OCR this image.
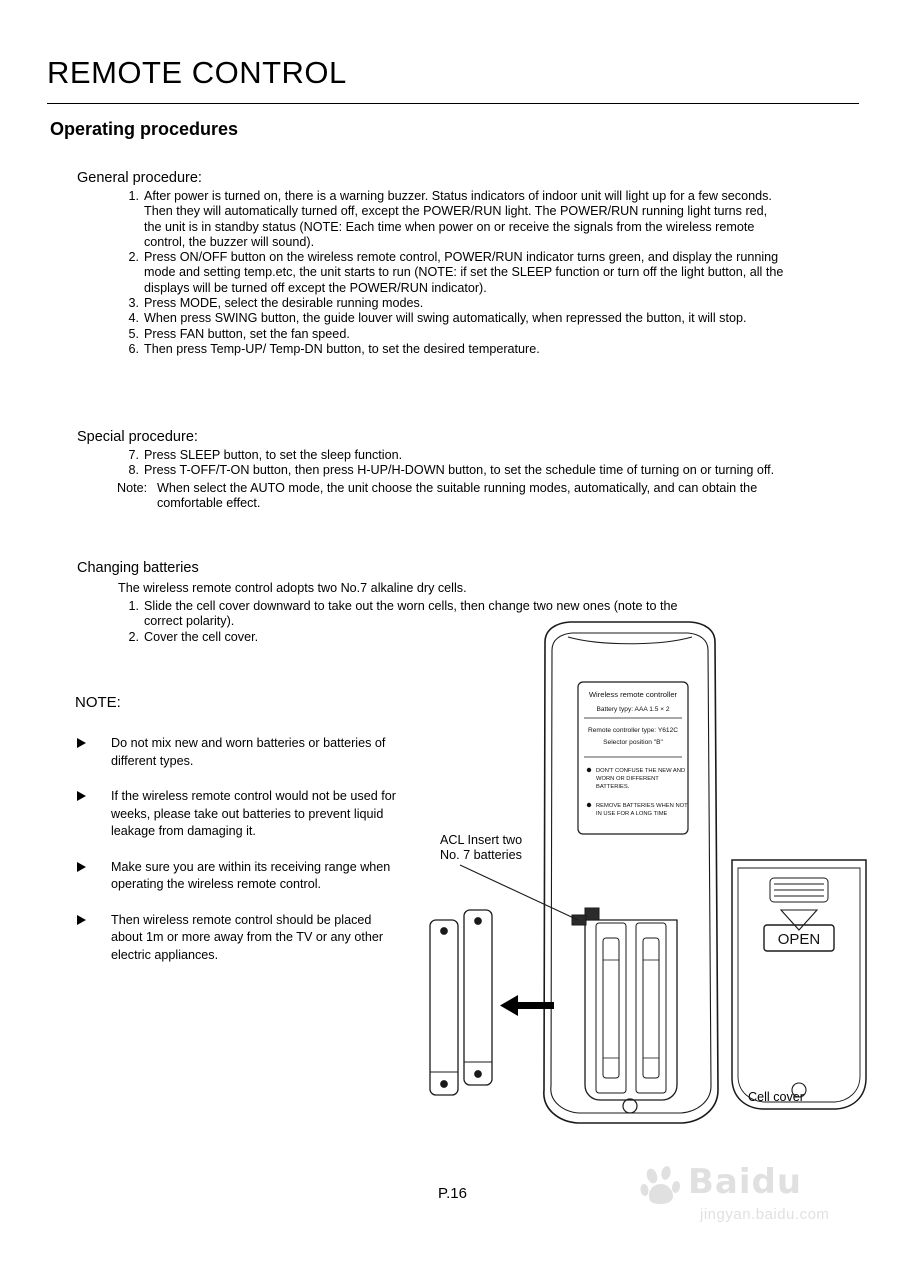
REMOTE CONTROL
Operating procedures
General procedure:
1. After power is turned on, there is a warning buzzer. Status indicators of indoor unit will light up for a few seconds. Then they will automatically turned off, except the POWER/RUN light. The POWER/RUN running light turns red, the unit is in standby status (NOTE: Each time when power on or receive the signals from the wireless remote control, the buzzer will sound).
2. Press ON/OFF button on the wireless remote control, POWER/RUN indicator turns green, and display the running mode and setting temp.etc, the unit starts to run (NOTE: if set the SLEEP function or turn off the light button, all the displays will be turned off except the POWER/RUN indicator).
3. Press MODE, select the desirable running modes.
4. When press SWING button, the guide louver will swing automatically, when repressed the button, it will stop.
5. Press FAN button, set the fan speed.
6. Then press Temp-UP/ Temp-DN button, to set the desired temperature.
Special procedure:
7. Press SLEEP button, to set the sleep function.
8. Press T-OFF/T-ON button, then press H-UP/H-DOWN button, to set the schedule time of turning on or turning off.
Note: When select the AUTO mode, the unit choose the suitable running modes, automatically, and can obtain the comfortable effect.
Changing batteries
The wireless remote control adopts two No.7 alkaline dry cells.
1. Slide the cell cover downward to take out the worn cells, then change two new ones (note to the correct polarity).
2. Cover the cell cover.
NOTE:
Do not mix new and worn batteries or batteries of different types.
If the wireless remote control would not be used for weeks, please take out batteries to prevent liquid leakage from damaging it.
Make sure you are within its receiving range when operating the wireless remote control.
Then wireless remote control should be placed about 1m or more away from the TV or any other electric appliances.
ACL Insert two
No. 7 batteries
Cell cover
Wireless remote controller
Battery typy: AAA 1.5 × 2
Remote controller type: Y612C
Selector position "B"
DON'T CONFUSE THE NEW AND
WORN OR DIFFERENT
BATTERIES.
REMOVE BATTERIES WHEN NOT
IN USE FOR A LONG TIME
OPEN
P.16	Baidu
jingyan.baidu.com
